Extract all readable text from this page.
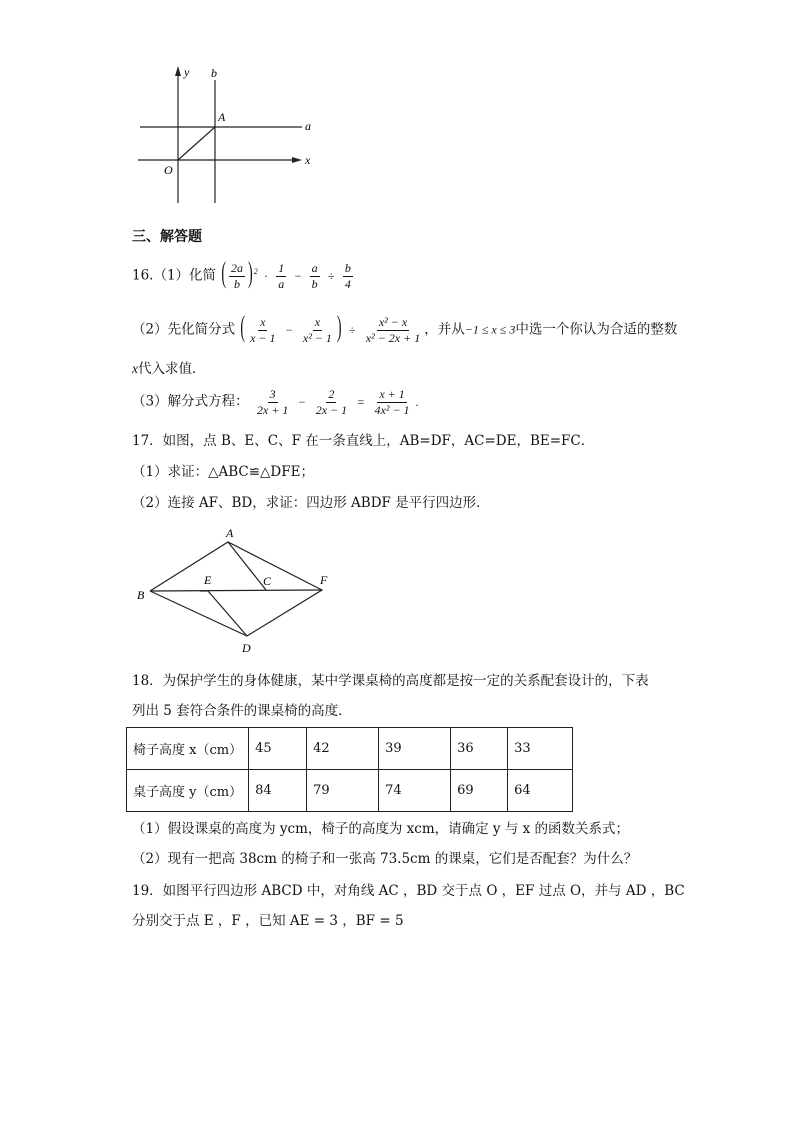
y b
A
a
x
O
三、解答题
16.（1）化简 ( $\frac{2a}{b} )^2 \cdot \frac{1}{a} - \frac{a}{b} \div \frac{b}{4}$
（2）先化简分式 ( $\frac{x}{x - 1} - \frac{x}{\text{x² − 1}}$ ) ÷ $\frac{\text{x² − x}}{\text{x² − 2x + 1}}$ ，并从−1 ≤ x ≤ 3中选一个你认为合适的整数
x代入求值．
（3）解分式方程： $\frac{3}{2x + 1} - \frac{2}{2x - 1} = \frac{x + 1}{\text{4x² − 1}}$ .
17．如图，点 B、E、C、F 在一条直线上，AB=DF，AC=DE，BE=FC．
（1）求证：△ABC≌△DFE；
（2）连接 AF、BD，求证：四边形 ABDF 是平行四边形．
A
B
E	C	F
D
18．为保护学生的身体健康，某中学课桌椅的高度都是按一定的关系配套设计的，下表
列出 5 套符合条件的课桌椅的高度．
椅子高度 x（cm）	45	42	39	36	33
桌子高度 y（cm）	84	79	74	69	64
（1）假设课桌的高度为 ycm，椅子的高度为 xcm，请确定 y 与 x 的函数关系式；
（2）现有一把高 38cm 的椅子和一张高 73.5cm 的课桌，它们是否配套？为什么？
19．如图平行四边形 ABCD 中，对角线 AC ，BD 交于点 O ，EF 过点 O，并与 AD ，BC
分别交于点 E ，F ，已知 AE = 3 ，BF = 5
